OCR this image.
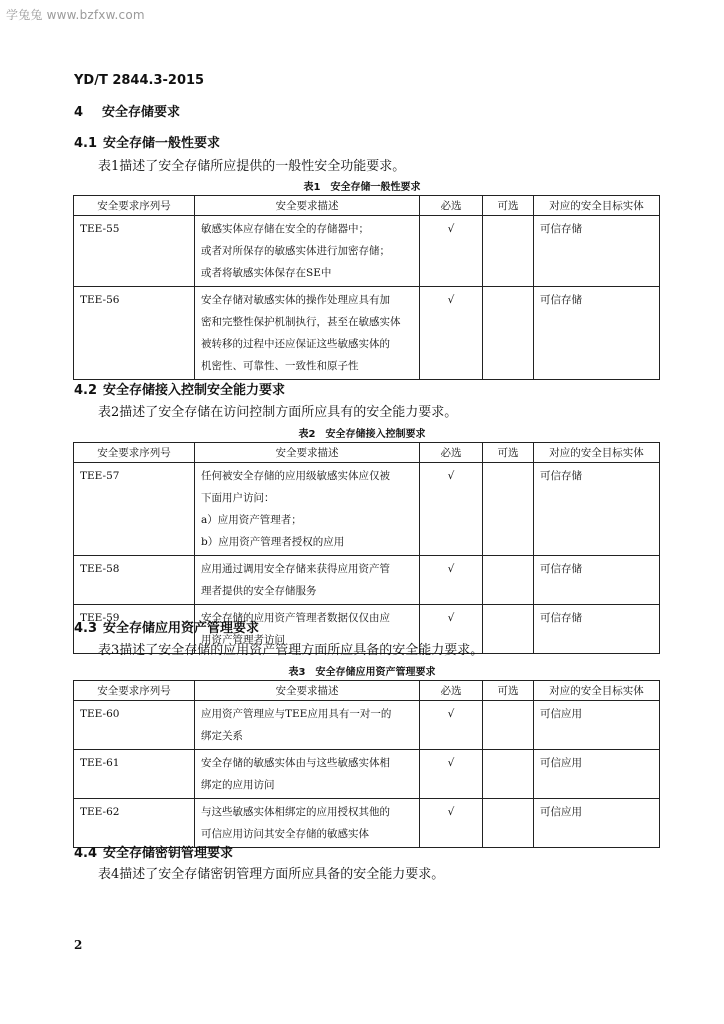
学兔兔 www.bzfxw.com
YD/T 2844.3-2015
4 安全存储要求
4.1 安全存储一般性要求
表1描述了安全存储所应提供的一般性安全功能要求。
表1　安全存储一般性要求
安全要求序列号	安全要求描述	必选	可选	对应的安全目标实体
TEE-55	敏感实体应存储在安全的存储器中；
或者对所保存的敏感实体进行加密存储；
或者将敏感实体保存在SE中	√		可信存储
TEE-56	安全存储对敏感实体的操作处理应具有加
密和完整性保护机制执行，甚至在敏感实体
被转移的过程中还应保证这些敏感实体的
机密性、可靠性、一致性和原子性	√		可信存储
4.2 安全存储接入控制安全能力要求
表2描述了安全存储在访问控制方面所应具有的安全能力要求。
表2　安全存储接入控制要求
安全要求序列号	安全要求描述	必选	可选	对应的安全目标实体
TEE-57	任何被安全存储的应用级敏感实体应仅被
下面用户访问：
a）应用资产管理者；
b）应用资产管理者授权的应用	√		可信存储
TEE-58	应用通过调用安全存储来获得应用资产管
理者提供的安全存储服务	√		可信存储
TEE-59	安全存储的应用资产管理者数据仅仅由应
用资产管理者访问	√		可信存储
4.3 安全存储应用资产管理要求
表3描述了安全存储的应用资产管理方面所应具备的安全能力要求。
表3　安全存储应用资产管理要求
安全要求序列号	安全要求描述	必选	可选	对应的安全目标实体
TEE-60	应用资产管理应与TEE应用具有一对一的
绑定关系	√		可信应用
TEE-61	安全存储的敏感实体由与这些敏感实体相
绑定的应用访问	√		可信应用
TEE-62	与这些敏感实体相绑定的应用授权其他的
可信应用访问其安全存储的敏感实体	√		可信应用
4.4 安全存储密钥管理要求
表4描述了安全存储密钥管理方面所应具备的安全能力要求。
2
